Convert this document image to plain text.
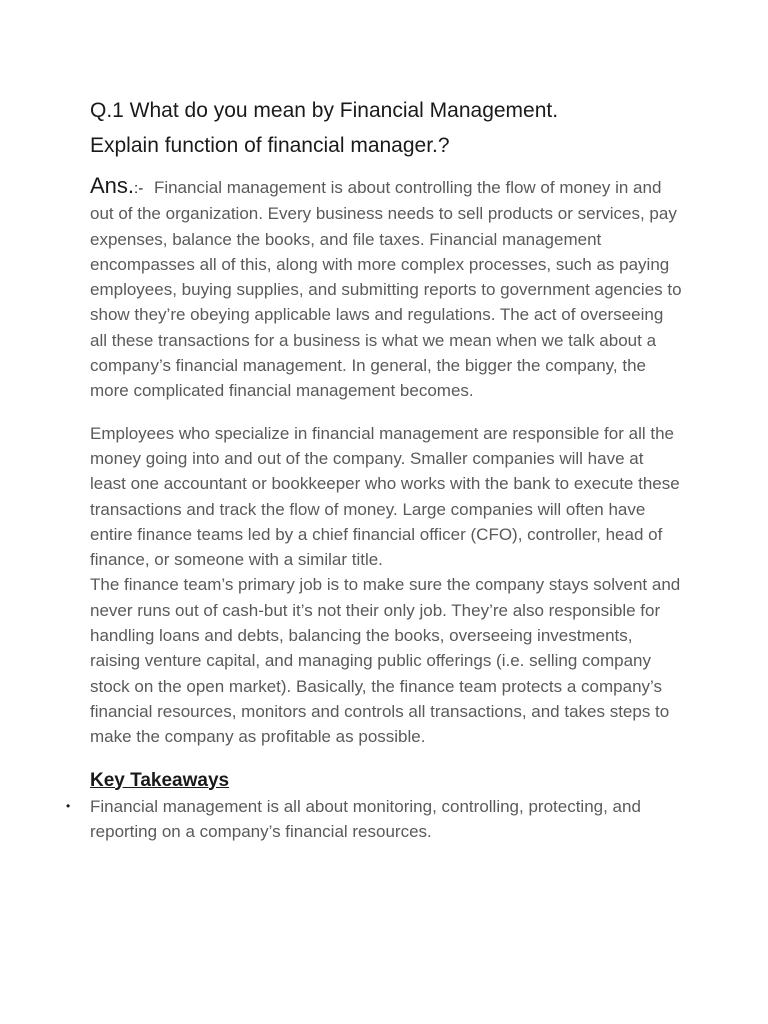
Q.1 What do you mean by Financial Management.
Explain function of financial manager.?

Ans.:- Financial management is about controlling the flow of money in and out of the organization. Every business needs to sell products or services, pay expenses, balance the books, and file taxes. Financial management encompasses all of this, along with more complex processes, such as paying employees, buying supplies, and submitting reports to government agencies to show they’re obeying applicable laws and regulations. The act of overseeing all these transactions for a business is what we mean when we talk about a company’s financial management. In general, the bigger the company, the more complicated financial management becomes.

Employees who specialize in financial management are responsible for all the money going into and out of the company. Smaller companies will have at least one accountant or bookkeeper who works with the bank to execute these transactions and track the flow of money. Large companies will often have entire finance teams led by a chief financial officer (CFO), controller, head of finance, or someone with a similar title.

The finance team’s primary job is to make sure the company stays solvent and never runs out of cash-but it’s not their only job. They’re also responsible for handling loans and debts, balancing the books, overseeing investments, raising venture capital, and managing public offerings (i.e. selling company stock on the open market). Basically, the finance team protects a company’s financial resources, monitors and controls all transactions, and takes steps to make the company as profitable as possible.

Key Takeaways
• Financial management is all about monitoring, controlling, protecting, and reporting on a company’s financial resources.
